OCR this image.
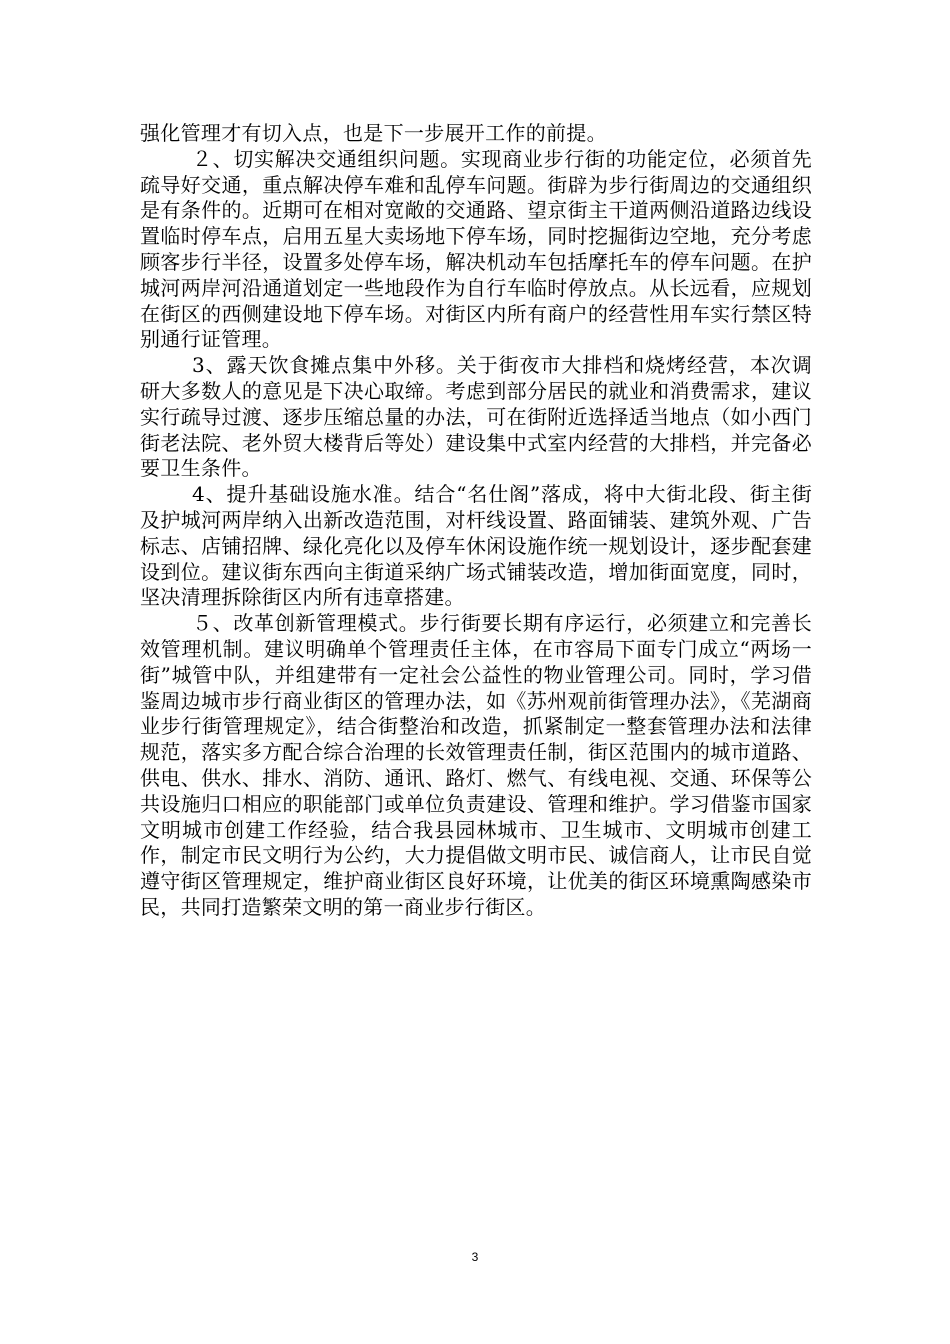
强化管理才有切入点，也是下一步展开工作的前提。

２、切实解决交通组织问题。实现商业步行街的功能定位，必须首先疏导好交通，重点解决停车难和乱停车问题。街辟为步行街周边的交通组织是有条件的。近期可在相对宽敞的交通路、望京街主干道两侧沿道路边线设置临时停车点，启用五星大卖场地下停车场，同时挖掘街边空地，充分考虑顾客步行半径，设置多处停车场，解决机动车包括摩托车的停车问题。在护城河两岸河沿通道划定一些地段作为自行车临时停放点。从长远看，应规划在街区的西侧建设地下停车场。对街区内所有商户的经营性用车实行禁区特别通行证管理。

3、露天饮食摊点集中外移。关于街夜市大排档和烧烤经营，本次调研大多数人的意见是下决心取缔。考虑到部分居民的就业和消费需求，建议实行疏导过渡、逐步压缩总量的办法，可在街附近选择适当地点（如小西门街老法院、老外贸大楼背后等处）建设集中式室内经营的大排档，并完备必要卫生条件。

4、提升基础设施水准。结合“名仕阁”落成，将中大街北段、街主街及护城河两岸纳入出新改造范围，对杆线设置、路面铺装、建筑外观、广告标志、店铺招牌、绿化亮化以及停车休闲设施作统一规划设计，逐步配套建设到位。建议街东西向主街道采纳广场式铺装改造，增加街面宽度，同时，坚决清理拆除街区内所有违章搭建。

５、改革创新管理模式。步行街要长期有序运行，必须建立和完善长效管理机制。建议明确单个管理责任主体，在市容局下面专门成立“两场一街”城管中队，并组建带有一定社会公益性的物业管理公司。同时，学习借鉴周边城市步行商业街区的管理办法，如《苏州观前街管理办法》，《芜湖商业步行街管理规定》，结合街整治和改造，抓紧制定一整套管理办法和法律规范，落实多方配合综合治理的长效管理责任制，街区范围内的城市道路、供电、供水、排水、消防、通讯、路灯、燃气、有线电视、交通、环保等公共设施归口相应的职能部门或单位负责建设、管理和维护。学习借鉴市国家文明城市创建工作经验，结合我县园林城市、卫生城市、文明城市创建工作，制定市民文明行为公约，大力提倡做文明市民、诚信商人，让市民自觉遵守街区管理规定，维护商业街区良好环境，让优美的街区环境熏陶感染市民，共同打造繁荣文明的第一商业步行街区。

3
